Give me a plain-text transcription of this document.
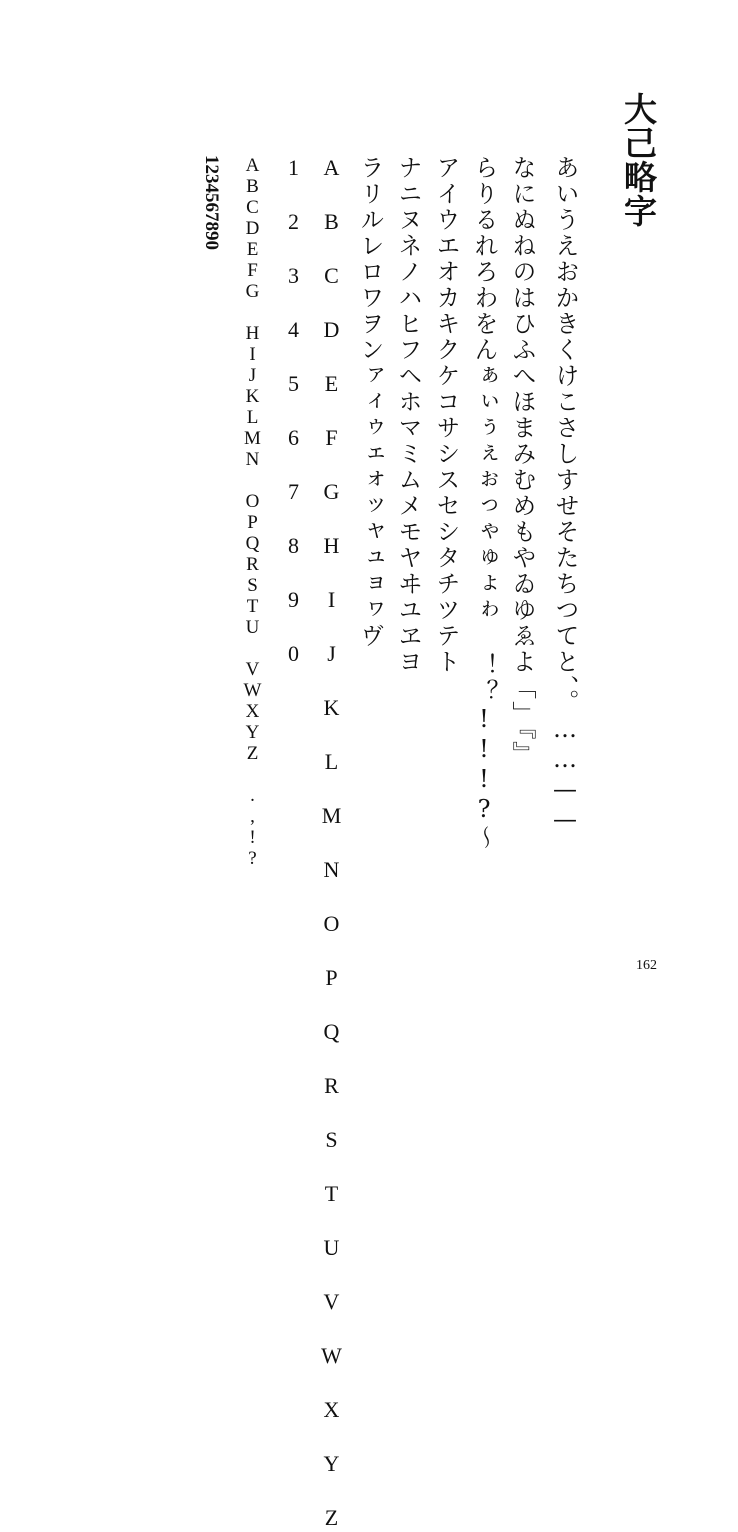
大​己略字
あいうえおかきくけこさしすせそたちつてと、。……——
なにぬねのはひふへほまみむめもやゐゆゑよ「」『』
らりるれろわをんぁぃぅぇぉっゃゅょゎ ！？!!!?〜
アイウエオカキクケコサシスセシタチツテト
ナニヌネノハヒフヘホマミムメモヤヰユヱヨ
ラリルレロワヲンァィゥェォッャュョヮヴ
A B C D E F G H I J K L M N O P Q R S T U V W X Y Z
1 2 3 4 5 6 7 8 9 0
ABCDEFG HIJKLMN OPQRSTU VWXYZ .,!?
1234567890
162
